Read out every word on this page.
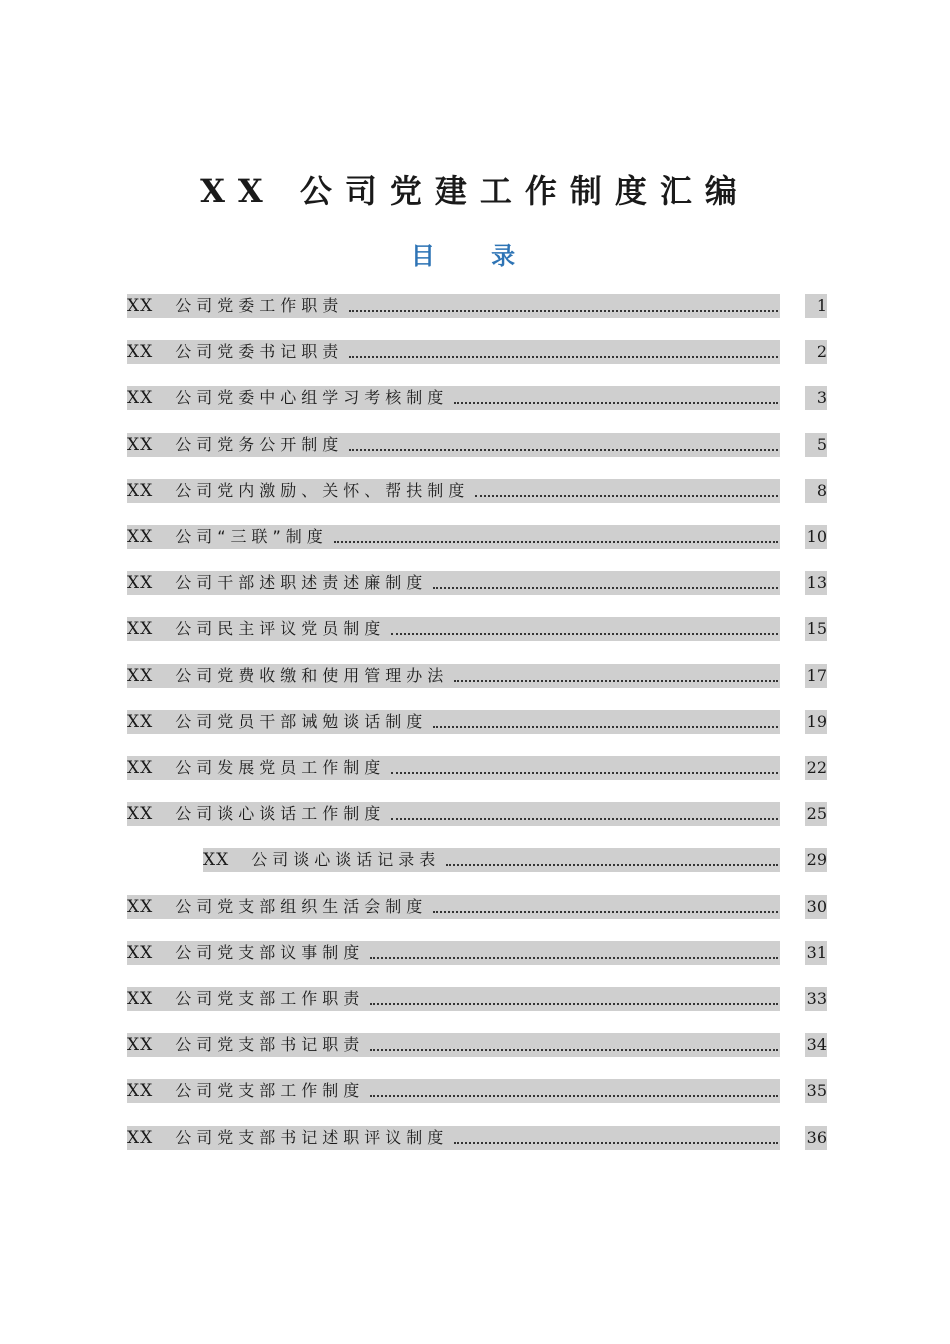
XX 公司党建工作制度汇编
目 录
XX 公司党委工作职责	1
XX 公司党委书记职责	2
XX 公司党委中心组学习考核制度	3
XX 公司党务公开制度	5
XX 公司党内激励、关怀、帮扶制度	8
XX 公司“三联”制度	10
XX 公司干部述职述责述廉制度	13
XX 公司民主评议党员制度	15
XX 公司党费收缴和使用管理办法	17
XX 公司党员干部诫勉谈话制度	19
XX 公司发展党员工作制度	22
XX 公司谈心谈话工作制度	25
XX 公司谈心谈话记录表	29
XX 公司党支部组织生活会制度	30
XX 公司党支部议事制度	31
XX 公司党支部工作职责	33
XX 公司党支部书记职责	34
XX 公司党支部工作制度	35
XX 公司党支部书记述职评议制度	36
